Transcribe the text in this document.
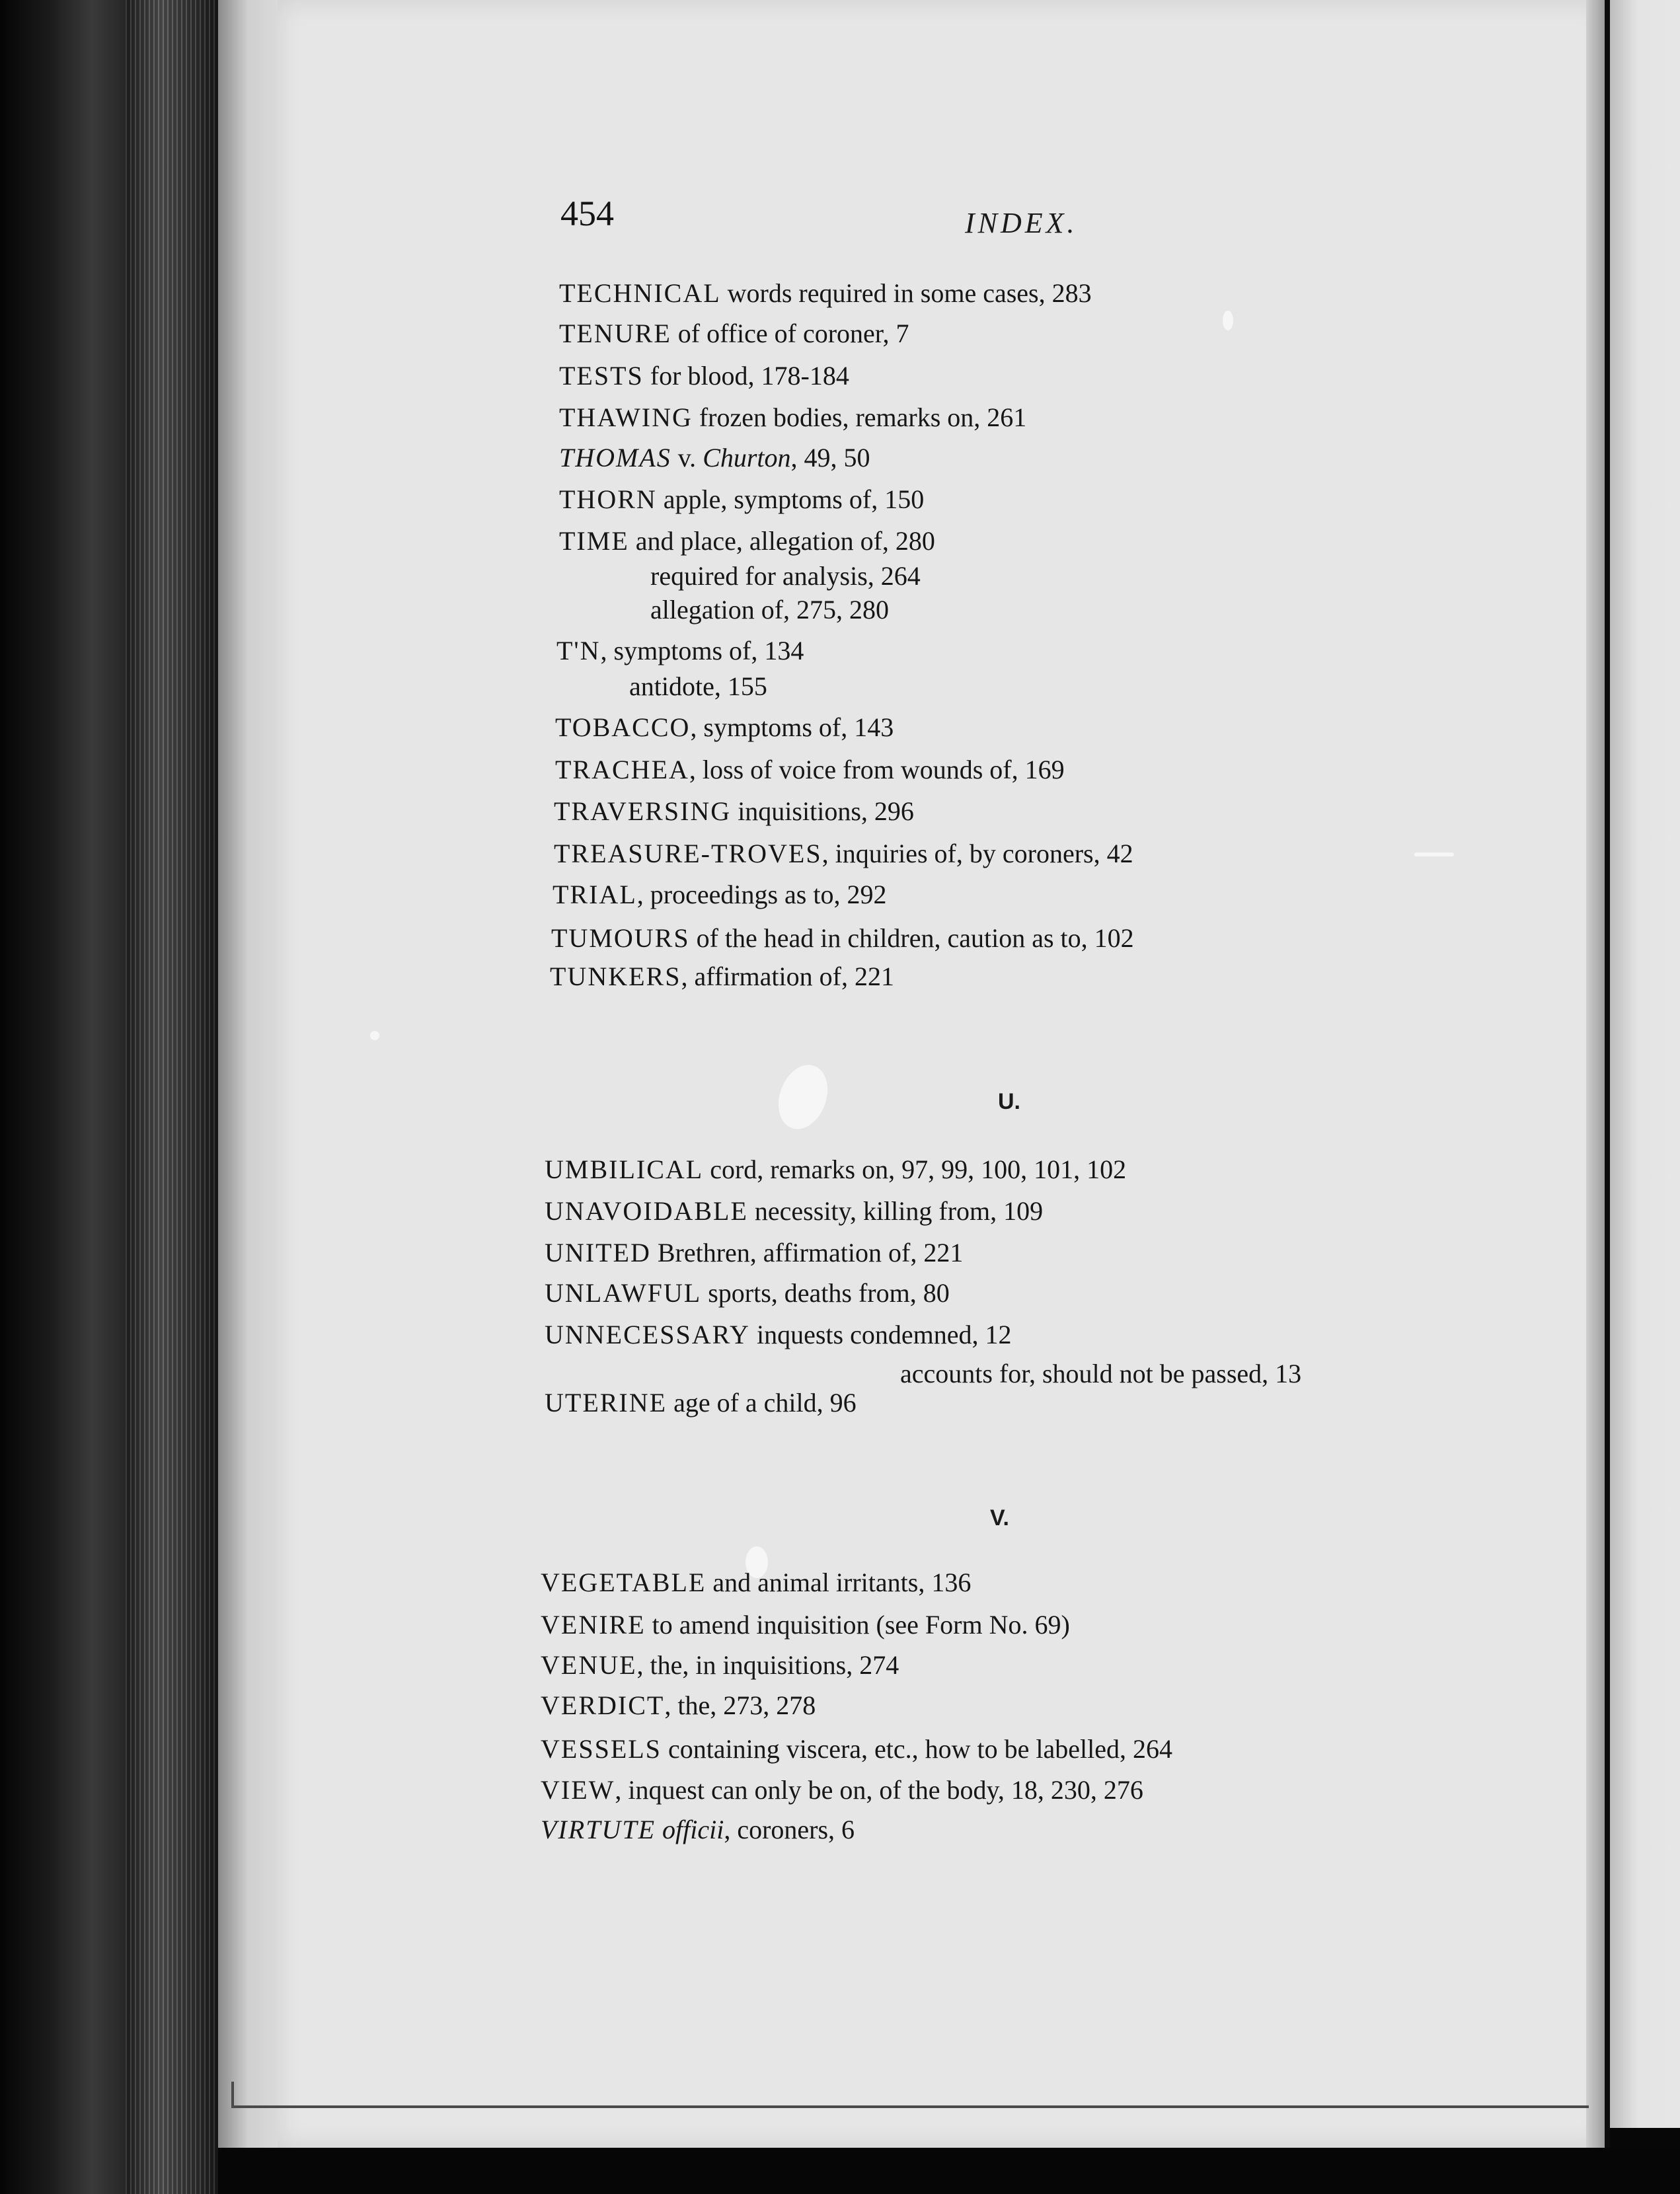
454	INDEX.
TECHNICAL words required in some cases, 283
TENURE of office of coroner, 7
TESTS for blood, 178-184
THAWING frozen bodies, remarks on, 261
THOMAS v. Churton, 49, 50
THORN apple, symptoms of, 150
TIME and place, allegation of, 280
required for analysis, 264
allegation of, 275, 280
T'N, symptoms of, 134
antidote, 155
TOBACCO, symptoms of, 143
TRACHEA, loss of voice from wounds of, 169
TRAVERSING inquisitions, 296
TREASURE-TROVES, inquiries of, by coroners, 42
TRIAL, proceedings as to, 292
TUMOURS of the head in children, caution as to, 102
TUNKERS, affirmation of, 221
U.
UMBILICAL cord, remarks on, 97, 99, 100, 101, 102
UNAVOIDABLE necessity, killing from, 109
UNITED Brethren, affirmation of, 221
UNLAWFUL sports, deaths from, 80
UNNECESSARY inquests condemned, 12
accounts for, should not be passed, 13
UTERINE age of a child, 96
V.
VEGETABLE and animal irritants, 136
VENIRE to amend inquisition (see Form No. 69)
VENUE, the, in inquisitions, 274
VERDICT, the, 273, 278
VESSELS containing viscera, etc., how to be labelled, 264
VIEW, inquest can only be on, of the body, 18, 230, 276
VIRTUTE officii, coroners, 6
